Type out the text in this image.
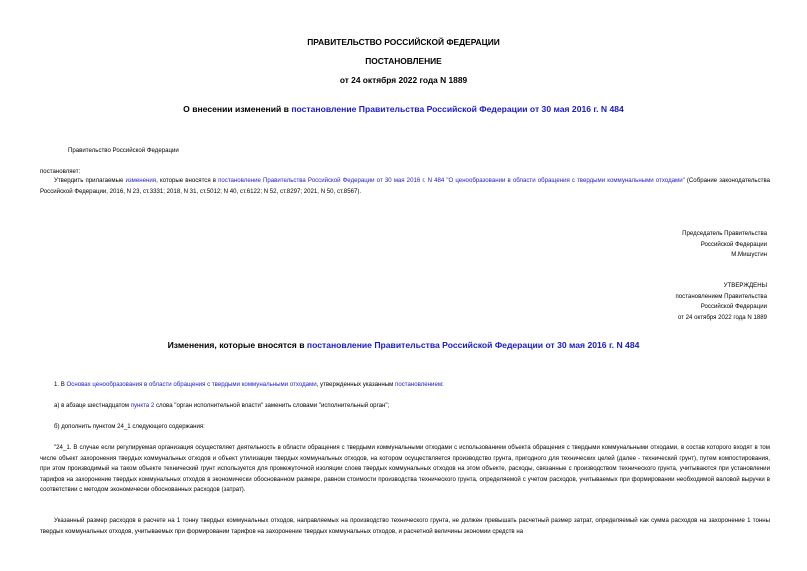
ПРАВИТЕЛЬСТВО РОССИЙСКОЙ ФЕДЕРАЦИИ
ПОСТАНОВЛЕНИЕ
от 24 октября 2022 года N 1889
О внесении изменений в постановление Правительства Российской Федерации от 30 мая 2016 г. N 484
Правительство Российской Федерации
постановляет:
Утвердить прилагаемые изменения, которые вносятся в постановление Правительства Российской Федерации от 30 мая 2016 г. N 484 "О ценообразовании в области обращения с твердыми коммунальными отходами" (Собрание законодательства Российской Федерации, 2016, N 23, ст.3331; 2018, N 31, ст.5012; N 40, ст.6122; N 52, ст.8297; 2021, N 50, ст.8567).
Председатель Правительства
Российской Федерации
М.Мишустин
УТВЕРЖДЕНЫ
постановлением Правительства
Российской Федерации
от 24 октября 2022 года N 1889
Изменения, которые вносятся в постановление Правительства Российской Федерации от 30 мая 2016 г. N 484
1. В Основах ценообразования в области обращения с твердыми коммунальными отходами, утвержденных указанным постановлением:
а) в абзаце шестнадцатом пункта 2 слова "орган исполнительной власти" заменить словами "исполнительный орган";
б) дополнить пунктом 24_1 следующего содержания:
"24_1. В случае если регулируемая организация осуществляет деятельность в области обращения с твердыми коммунальными отходами с использованием объекта обращения с твердыми коммунальными отходами, в состав которого входят в том числе объект захоронения твердых коммунальных отходов и объект утилизации твердых коммунальных отходов, на котором осуществляется производство грунта, пригодного для технических целей (далее - технический грунт), путем компостирования, при этом производимый на таком объекте технический грунт используется для промежуточной изоляции слоев твердых коммунальных отходов на этом объекте, расходы, связанные с производством технического грунта, учитываются при установлении тарифов на захоронение твердых коммунальных отходов в экономически обоснованном размере, равном стоимости производства технического грунта, определяемой с учетом расходов, учитываемых при формировании необходимой валовой выручки в соответствии с методом экономически обоснованных расходов (затрат).
Указанный размер расходов в расчете на 1 тонну твердых коммунальных отходов, направляемых на производство технического грунта, не должен превышать расчетный размер затрат, определяемый как сумма расходов на захоронение 1 тонны твердых коммунальных отходов, учитываемых при формировании тарифов на захоронение твердых коммунальных отходов, и расчетной величины экономии средств на
